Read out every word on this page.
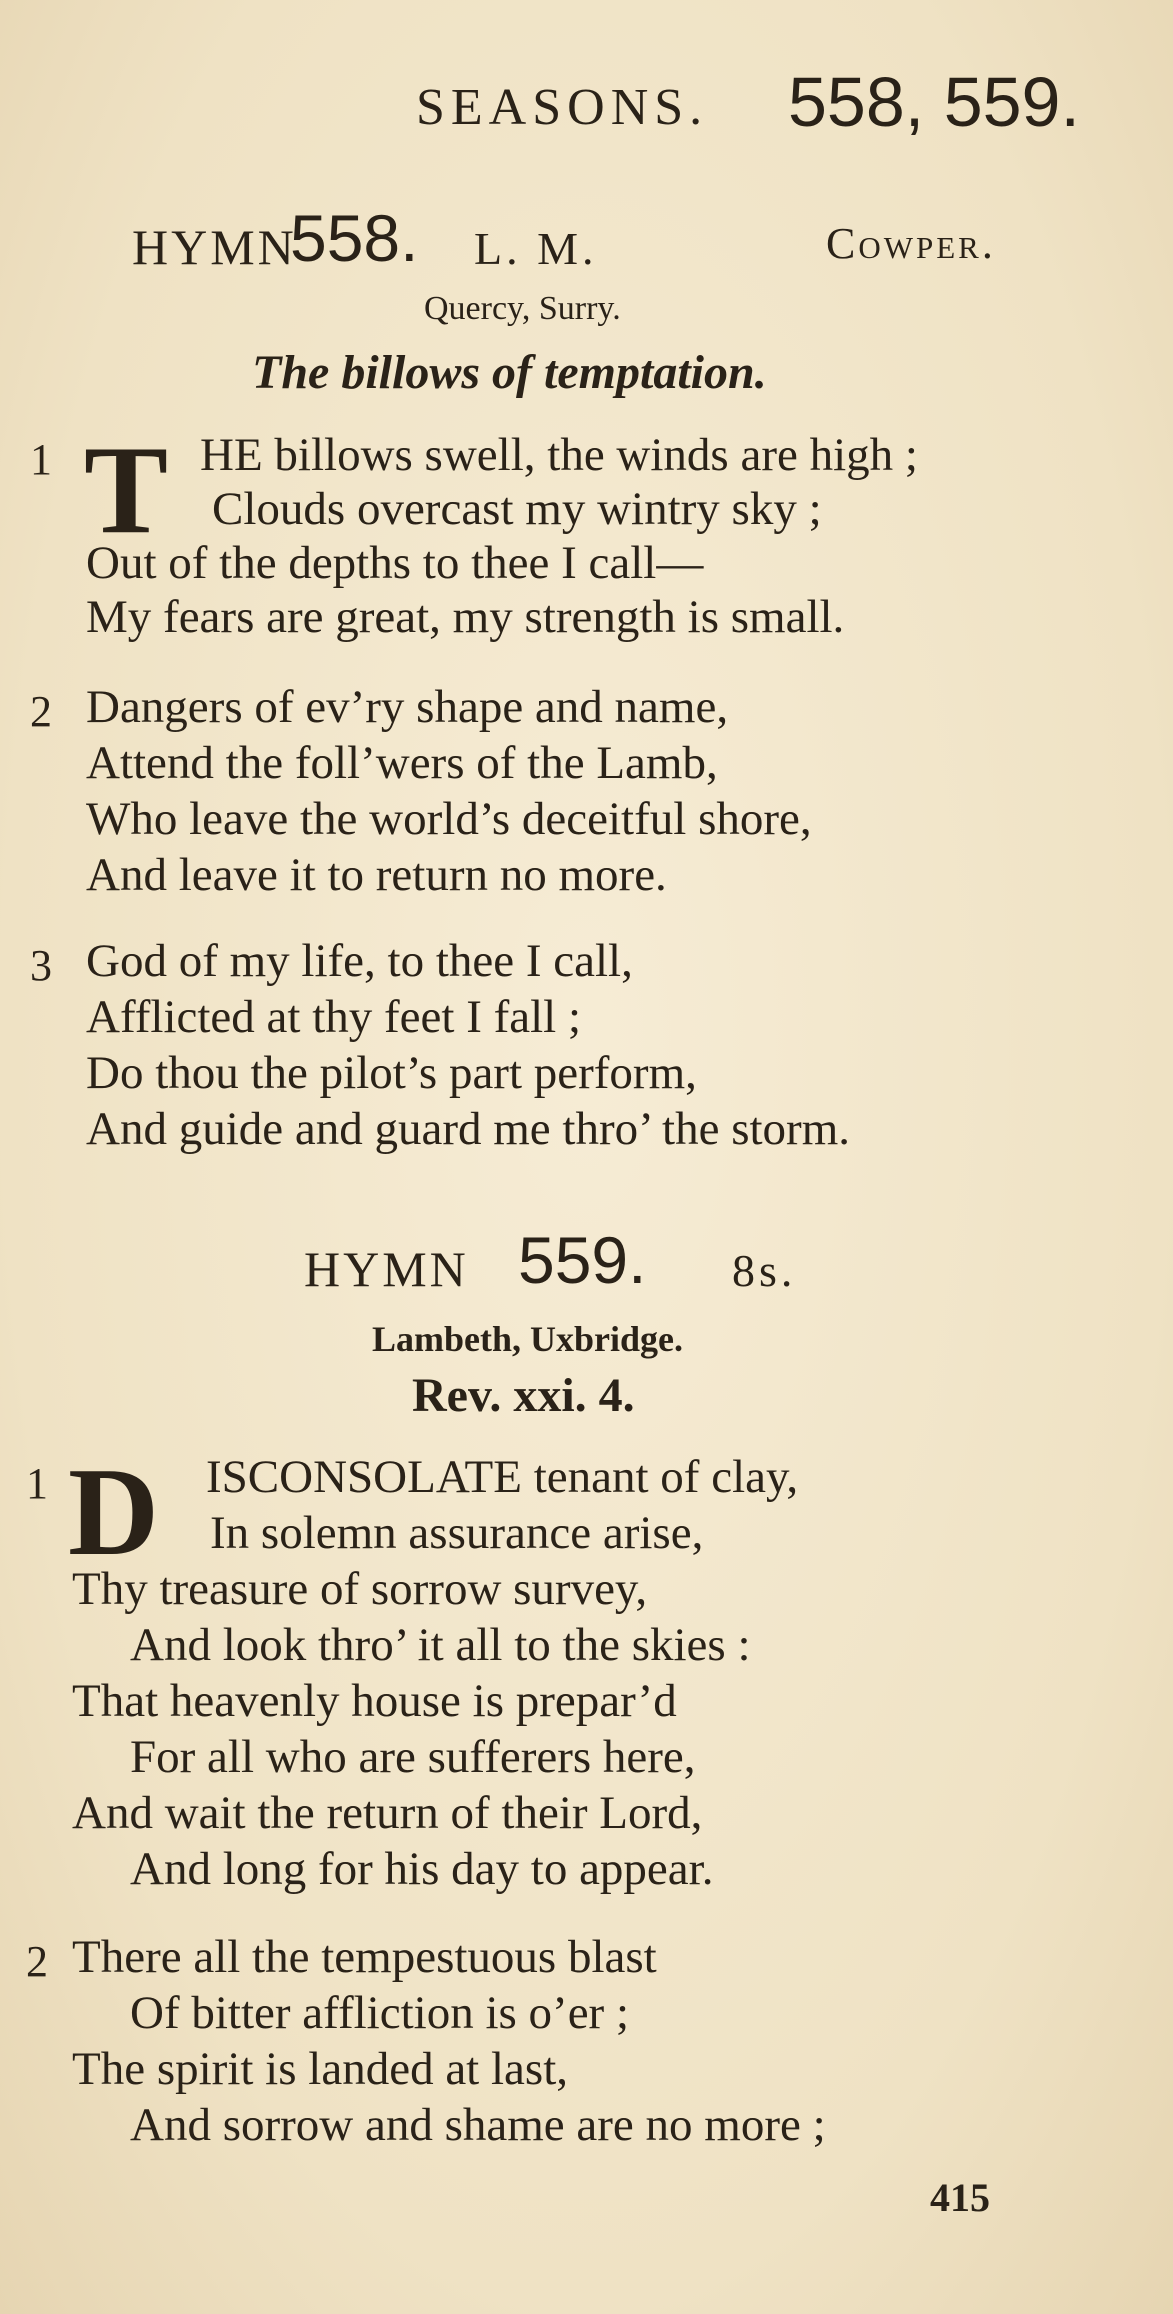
SEASONS. 558, 559.
HYMN
558. L. M.	Cowper.
Quercy, Surry.
The billows of temptation.
1 T HE billows swell, the winds are high ;
Clouds overcast my wintry sky ;
Out of the depths to thee I call—
My fears are great, my strength is small.
2 Dangers of ev’ry shape and name,
Attend the foll’wers of the Lamb,
Who leave the world’s deceitful shore,
And leave it to return no more.
3 God of my life, to thee I call,
Afflicted at thy feet I fall ;
Do thou the pilot’s part perform,
And guide and guard me thro’ the storm.
HYMN 559. 8s.
Lambeth, Uxbridge.
Rev. xxi. 4.
1 D ISCONSOLATE tenant of clay,
In solemn assurance arise,
Thy treasure of sorrow survey,
And look thro’ it all to the skies :
That heavenly house is prepar’d
For all who are sufferers here,
And wait the return of their Lord,
And long for his day to appear.
2 There all the tempestuous blast
Of bitter affliction is o’er ;
The spirit is landed at last,
And sorrow and shame are no more ;
415
